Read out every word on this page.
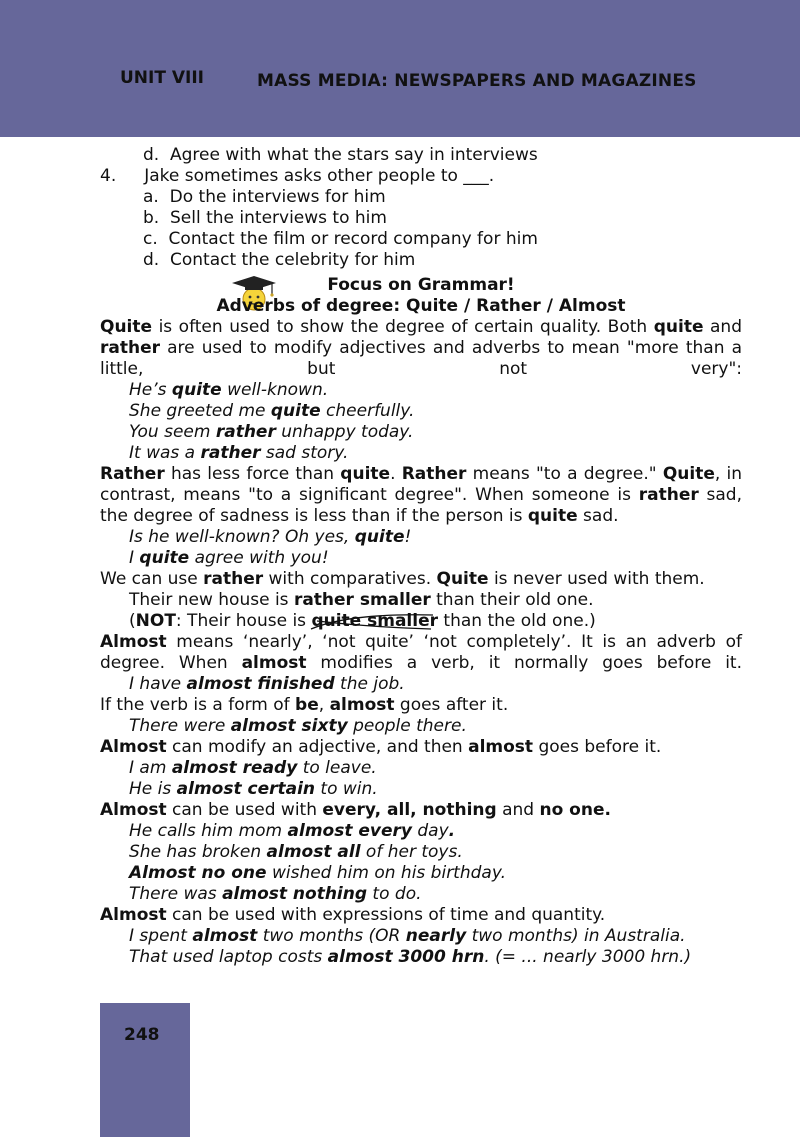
UNIT VIII	MASS MEDIA: NEWSPAPERS AND MAGAZINES

d.  Agree with what the stars say in interviews

4. Jake sometimes asks other people to ___.

a.  Do the interviews for him

b.  Sell the interviews to him

c.  Contact the film or record company for him

d.  Contact the celebrity for him

Focus on Grammar!

Adverbs of degree: Quite / Rather / Almost

Quite is often used to show the degree of certain quality. Both quite and rather are used to modify adjectives and adverbs to mean "more than a little, but not very":

He’s quite well-known.

She greeted me quite cheerfully.

You seem rather unhappy today.

It was a rather sad story.

Rather has less force than quite. Rather means "to a degree." Quite, in contrast, means "to a significant degree". When someone is rather sad, the degree of sadness is less than if the person is quite sad.

Is he well-known? Oh yes, quite!

I quite agree with you!

We can use rather with comparatives. Quite is never used with them.

Their new house is rather smaller than their old one.

(NOT: Their house is quite smaller
than the old one.)

Almost means ‘nearly’, ‘not quite’ ‘not completely’. It is an adverb of degree. When almost modifies a verb, it normally goes before it.

I have almost finished the job.

If the verb is a form of be, almost goes after it.

There were almost sixty people there.

Almost can modify an adjective, and then almost goes before it.

I am almost ready to leave.

He is almost certain to win.

Almost can be used with every, all, nothing and no one.

He calls him mom almost every day.

She has broken almost all of her toys.

Almost no one wished him on his birthday.

There was almost nothing to do.

Almost can be used with expressions of time and quantity.

I spent almost two months (OR nearly two months) in Australia.

That used laptop costs almost 3000 hrn. (= ... nearly 3000 hrn.)

248
